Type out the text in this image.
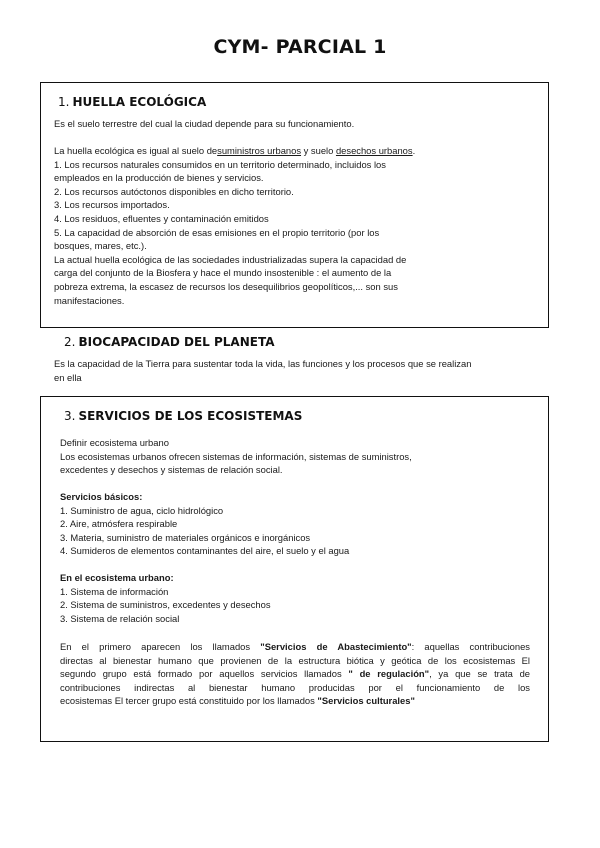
CYM- PARCIAL 1
1. HUELLA ECOLÓGICA
Es el suelo terrestre del cual la ciudad depende para su funcionamiento.
La huella ecológica es igual al suelo desuministros urbanos y suelo desechos urbanos.
1. Los recursos naturales consumidos en un territorio determinado, incluidos los
empleados en la producción de bienes y servicios.
2. Los recursos autóctonos disponibles en dicho territorio.
3. Los recursos importados.
4. Los residuos, efluentes y contaminación emitidos
5. La capacidad de absorción de esas emisiones en el propio territorio (por los
bosques, mares, etc.).
La actual huella ecológica de las sociedades industrializadas supera la capacidad de
carga del conjunto de la Biosfera y hace el mundo insostenible : el aumento de la
pobreza extrema, la escasez de recursos los desequilibrios geopolíticos,... son sus
manifestaciones.
2. BIOCAPACIDAD DEL PLANETA
Es la capacidad de la Tierra para sustentar toda la vida, las funciones y los procesos que se realizan
en ella
3. SERVICIOS DE LOS ECOSISTEMAS
Definir ecosistema urbano
Los ecosistemas urbanos ofrecen sistemas de información, sistemas de suministros,
excedentes y desechos y sistemas de relación social.
Servicios básicos:
1. Suministro de agua, ciclo hidrológico
2. Aire, atmósfera respirable
3. Materia, suministro de materiales orgánicos e inorgánicos
4. Sumideros de elementos contaminantes del aire, el suelo y el agua
En el ecosistema urbano:
1. Sistema de información
2. Sistema de suministros, excedentes y desechos
3. Sistema de relación social
En el primero aparecen los llamados "Servicios de Abastecimiento": aquellas contribuciones
directas al bienestar humano que provienen de la estructura biótica y geótica de los ecosistemas El
segundo grupo está formado por aquellos servicios llamados " de regulación", ya que se trata de
contribuciones indirectas al bienestar humano producidas por el funcionamiento de los
ecosistemas El tercer grupo está constituido por los llamados "Servicios culturales"
